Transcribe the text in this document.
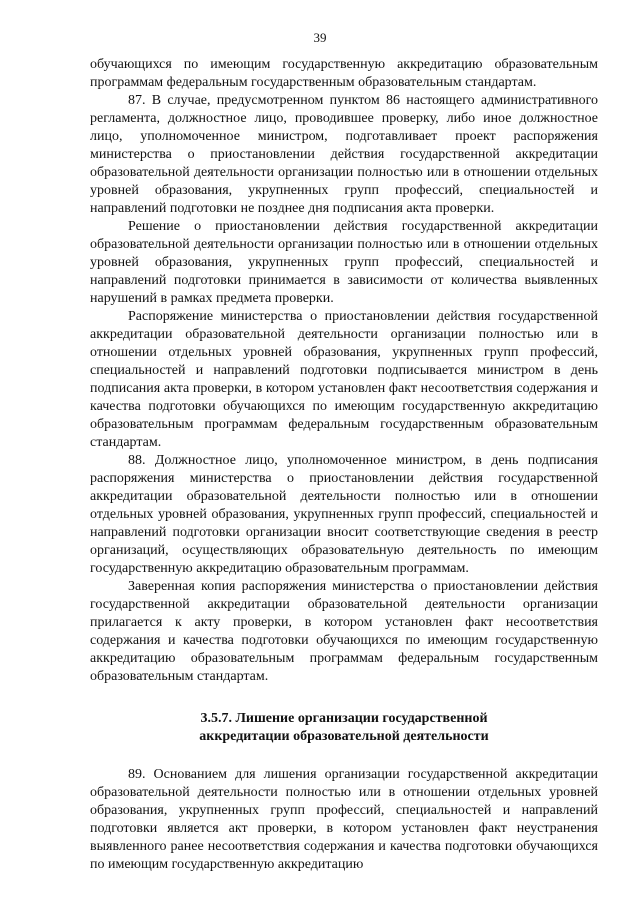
39

обучающихся по имеющим государственную аккредитацию образовательным программам федеральным государственным образовательным стандартам.

87. В случае, предусмотренном пунктом 86 настоящего административного регламента, должностное лицо, проводившее проверку, либо иное должностное лицо, уполномоченное министром, подготавливает проект распоряжения министерства о приостановлении действия государственной аккредитации образовательной деятельности организации полностью или в отношении отдельных уровней образования, укрупненных групп профессий, специальностей и направлений подготовки не позднее дня подписания акта проверки.

Решение о приостановлении действия государственной аккредитации образовательной деятельности организации полностью или в отношении отдельных уровней образования, укрупненных групп профессий, специальностей и направлений подготовки принимается в зависимости от количества выявленных нарушений в рамках предмета проверки.

Распоряжение министерства о приостановлении действия государственной аккредитации образовательной деятельности организации полностью или в отношении отдельных уровней образования, укрупненных групп профессий, специальностей и направлений подготовки подписывается министром в день подписания акта проверки, в котором установлен факт несоответствия содержания и качества подготовки обучающихся по имеющим государственную аккредитацию образовательным программам федеральным государственным образовательным стандартам.

88. Должностное лицо, уполномоченное министром, в день подписания распоряжения министерства о приостановлении действия государственной аккредитации образовательной деятельности полностью или в отношении отдельных уровней образования, укрупненных групп профессий, специальностей и направлений подготовки организации вносит соответствующие сведения в реестр организаций, осуществляющих образовательную деятельность по имеющим государственную аккредитацию образовательным программам.

Заверенная копия распоряжения министерства о приостановлении действия государственной аккредитации образовательной деятельности организации прилагается к акту проверки, в котором установлен факт несоответствия содержания и качества подготовки обучающихся по имеющим государственную аккредитацию образовательным программам федеральным государственным образовательным стандартам.

3.5.7. Лишение организации государственной
аккредитации образовательной деятельности

89. Основанием для лишения организации государственной аккредитации образовательной деятельности полностью или в отношении отдельных уровней образования, укрупненных групп профессий, специальностей и направлений подготовки является акт проверки, в котором установлен факт неустранения выявленного ранее несоответствия содержания и качества подготовки обучающихся по имеющим государственную аккредитацию
